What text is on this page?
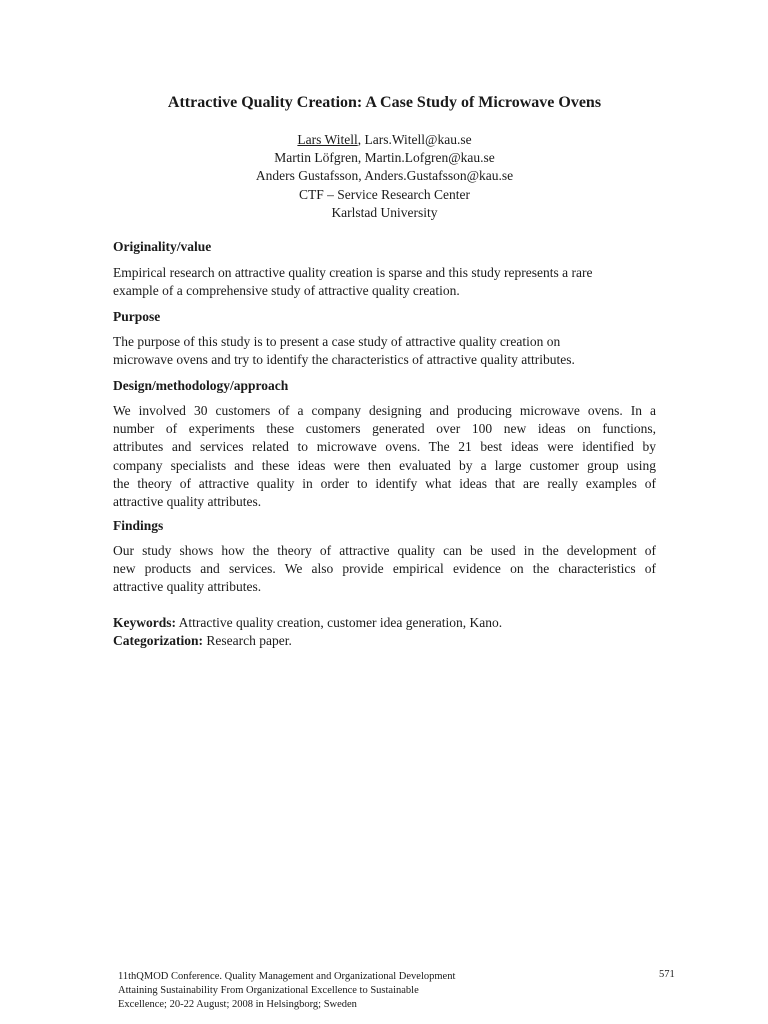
Attractive Quality Creation: A Case Study of Microwave Ovens
Lars Witell, Lars.Witell@kau.se
Martin Löfgren, Martin.Lofgren@kau.se
Anders Gustafsson, Anders.Gustafsson@kau.se
CTF – Service Research Center
Karlstad University
Originality/value
Empirical research on attractive quality creation is sparse and this study represents a rare
example of a comprehensive study of attractive quality creation.
Purpose
The purpose of this study is to present a case study of attractive quality creation on
microwave ovens and try to identify the characteristics of attractive quality attributes.
Design/methodology/approach
We involved 30 customers of a company designing and producing microwave ovens. In a
number of experiments these customers generated over 100 new ideas on functions,
attributes and services related to microwave ovens. The 21 best ideas were identified by
company specialists and these ideas were then evaluated by a large customer group using
the theory of attractive quality in order to identify what ideas that are really examples of
attractive quality attributes.
Findings
Our study shows how the theory of attractive quality can be used in the development of
new products and services. We also provide empirical evidence on the characteristics of
attractive quality attributes.
Keywords: Attractive quality creation, customer idea generation, Kano.
Categorization: Research paper.
11thQMOD Conference. Quality Management and Organizational Development
Attaining Sustainability From Organizational Excellence to Sustainable
Excellence; 20-22 August; 2008 in Helsingborg; Sweden
571
